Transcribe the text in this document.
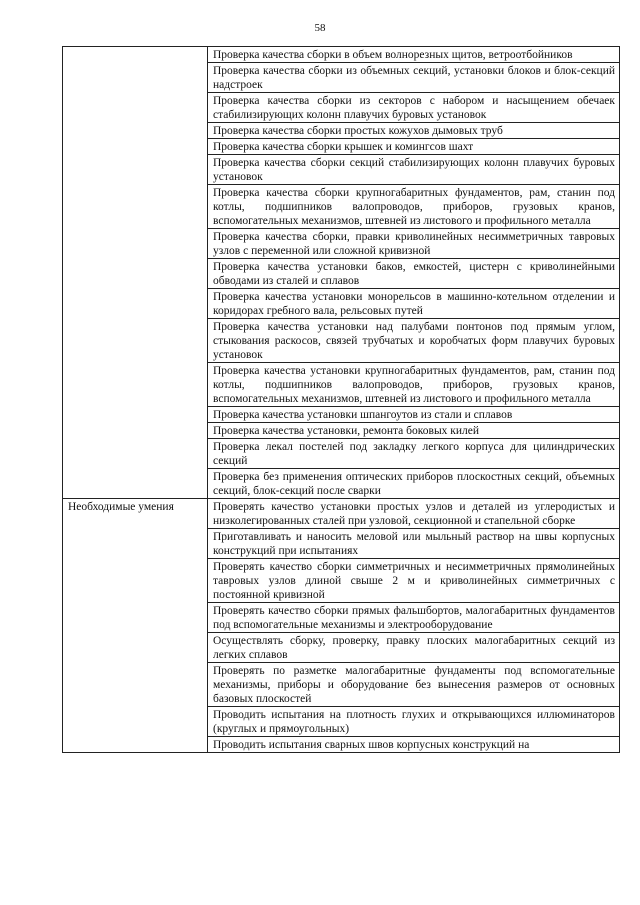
58
	Проверка качества сборки в объем волнорезных щитов, ветроотбойников
	Проверка качества сборки из объемных секций, установки блоков и блок-секций надстроек
	Проверка качества сборки из секторов с набором и насыщением обечаек стабилизирующих колонн плавучих буровых установок
	Проверка качества сборки простых кожухов дымовых труб
	Проверка качества сборки крышек и комингсов шахт
	Проверка качества сборки секций стабилизирующих колонн плавучих буровых установок
	Проверка качества сборки крупногабаритных фундаментов, рам, станин под котлы, подшипников валопроводов, приборов, грузовых кранов, вспомогательных механизмов, штевней из листового и профильного металла
	Проверка качества сборки, правки криволинейных несимметричных тавровых узлов с переменной или сложной кривизной
	Проверка качества установки баков, емкостей, цистерн с криволинейными обводами из сталей и сплавов
	Проверка качества установки монорельсов в машинно-котельном отделении и коридорах гребного вала, рельсовых путей
	Проверка качества установки над палубами понтонов под прямым углом, стыкования раскосов, связей трубчатых и коробчатых форм плавучих буровых установок
	Проверка качества установки крупногабаритных фундаментов, рам, станин под котлы, подшипников валопроводов, приборов, грузовых кранов, вспомогательных механизмов, штевней из листового и профильного металла
	Проверка качества установки шпангоутов из стали и сплавов
	Проверка качества установки, ремонта боковых килей
	Проверка лекал постелей под закладку легкого корпуса для цилиндрических секций
	Проверка без применения оптических приборов плоскостных секций, объемных секций, блок-секций после сварки
Необходимые умения	Проверять качество установки простых узлов и деталей из углеродистых и низколегированных сталей при узловой, секционной и стапельной сборке
	Приготавливать и наносить меловой или мыльный раствор на швы корпусных конструкций при испытаниях
	Проверять качество сборки симметричных и несимметричных прямолинейных тавровых узлов длиной свыше 2 м и криволинейных симметричных с постоянной кривизной
	Проверять качество сборки прямых фальшбортов, малогабаритных фундаментов под вспомогательные механизмы и электрооборудование
	Осуществлять сборку, проверку, правку плоских малогабаритных секций из легких сплавов
	Проверять по разметке малогабаритные фундаменты под вспомогательные механизмы, приборы и оборудование без вынесения размеров от основных базовых плоскостей
	Проводить испытания на плотность глухих и открывающихся иллюминаторов (круглых и прямоугольных)
	Проводить испытания сварных швов корпусных конструкций на
